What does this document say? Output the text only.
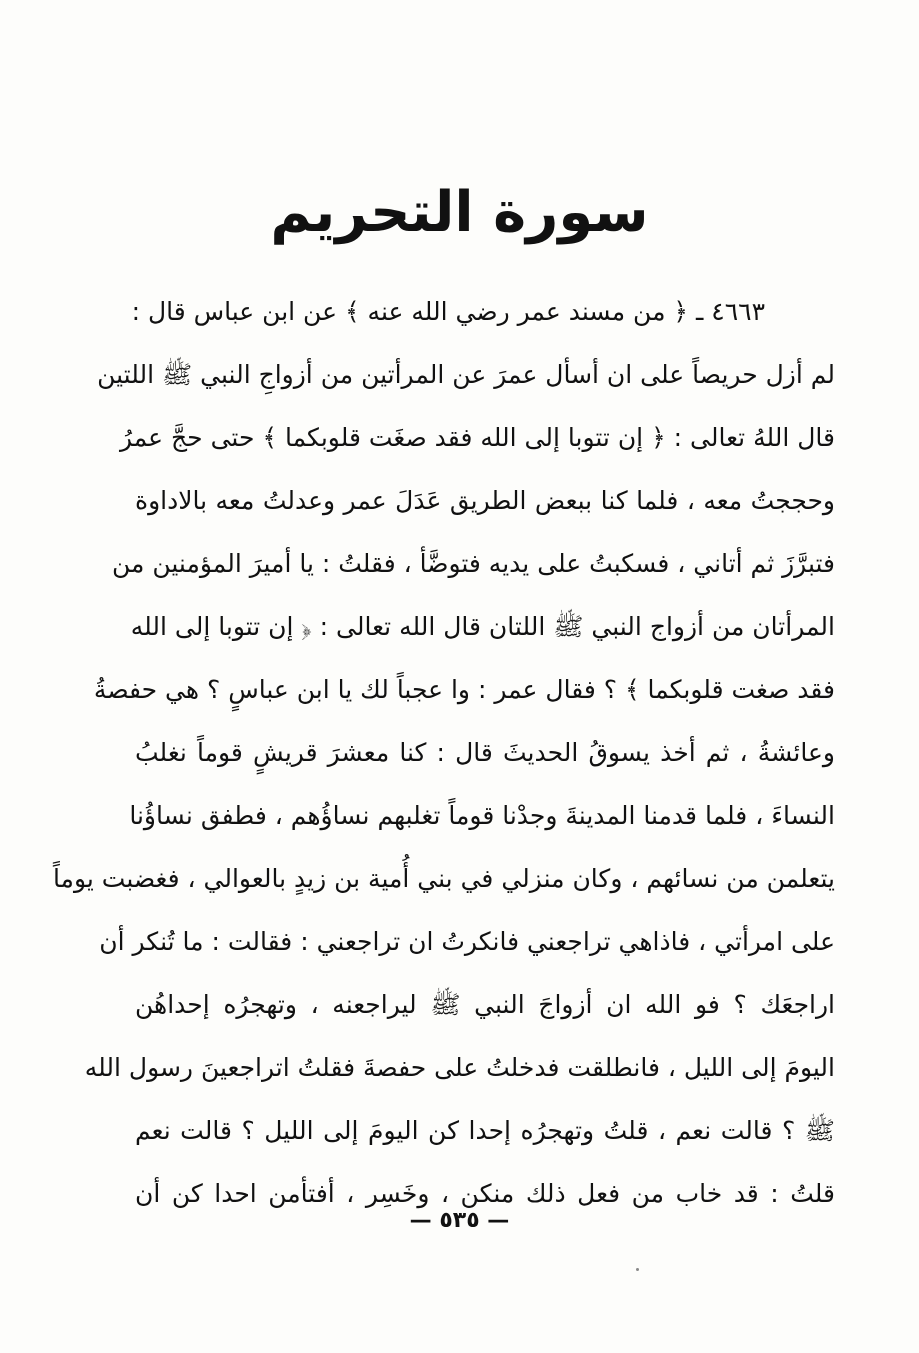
سورة التحريم
٤٦٦٣ ـ ﴿ من مسند عمر رضي الله عنه ﴾ عن ابن عباس قال :
لم أزل حريصاً على ان أسأل عمرَ عن المرأتين من أزواجِ النبي ﷺ اللتين
قال اللهُ تعالى : ﴿ إن تتوبا إلى الله فقد صغَت قلوبكما ﴾ حتى حجَّ عمرُ
وحججتُ معه ، فلما كنا ببعض الطريق عَدَلَ عمر وعدلتُ معه بالاداوة
فتبرَّزَ ثم أتاني ، فسكبتُ على يديه فتوضَّأ ، فقلتُ : يا أميرَ المؤمنين من
المرأتان من أزواج النبي ﷺ اللتان قال الله تعالى : ﴿ إن تتوبا إلى الله
فقد صغت قلوبكما ﴾ ؟ فقال عمر : وا عجباً لك يا ابن عباسٍ ؟ هي حفصةُ
وعائشةُ ، ثم أخذ يسوقُ الحديثَ قال : كنا معشرَ قريشٍ قوماً نغلبُ
النساءَ ، فلما قدمنا المدينةَ وجدْنا قوماً تغلبهم نساؤُهم ، فطفق نساؤُنا
يتعلمن من نسائهم ، وكان منزلي في بني أُمية بن زيدٍ بالعوالي ، فغضبت يوماً
على امرأتي ، فاذاهي تراجعني فانكرتُ ان تراجعني : فقالت : ما تُنكر أن
اراجعَك ؟ فو الله ان أزواجَ النبي ﷺ ليراجعنه ، وتهجرُه إحداهُن
اليومَ إلى الليل ، فانطلقت فدخلتُ على حفصةَ فقلتُ اتراجعينَ رسول الله
ﷺ ؟ قالت نعم ، قلتُ وتهجرُه إحدا كن اليومَ إلى الليل ؟ قالت نعم
قلتُ : قد خاب من فعل ذلك منكن ، وخَسِر ، أفتأمن احدا كن أن
— ٥٣٥ —
